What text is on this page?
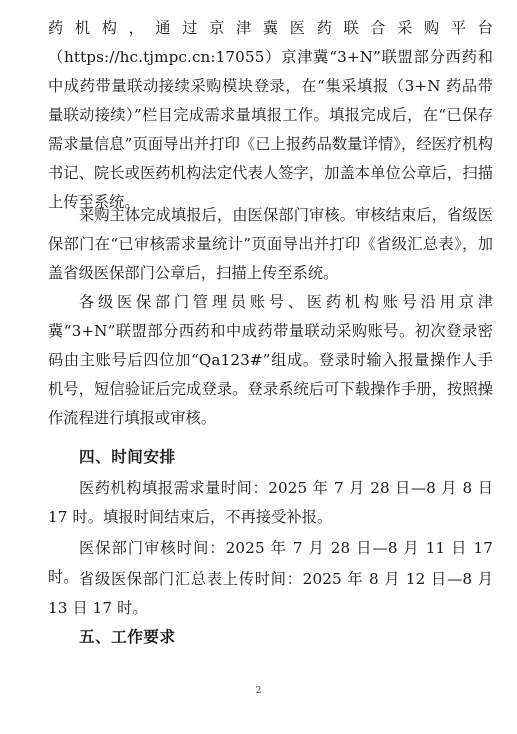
药机构，通过京津冀医药联合采购平台（https://hc.tjmpc.cn:17055）京津冀“3+N”联盟部分西药和中成药带量联动接续采购模块登录，在“集采填报（3+N 药品带量联动接续）”栏目完成需求量填报工作。填报完成后，在“已保存需求量信息”页面导出并打印《已上报药品数量详情》，经医疗机构书记、院长或医药机构法定代表人签字，加盖本单位公章后，扫描上传至系统。

采购主体完成填报后，由医保部门审核。审核结束后，省级医保部门在“已审核需求量统计”页面导出并打印《省级汇总表》，加盖省级医保部门公章后，扫描上传至系统。

各级医保部门管理员账号、医药机构账号沿用京津冀“3+N”联盟部分西药和中成药带量联动采购账号。初次登录密码由主账号后四位加“Qa123#”组成。登录时输入报量操作人手机号，短信验证后完成登录。登录系统后可下载操作手册，按照操作流程进行填报或审核。

四、时间安排

医药机构填报需求量时间：2025 年 7 月 28 日—8 月 8 日 17 时。填报时间结束后，不再接受补报。

医保部门审核时间：2025 年 7 月 28 日—8 月 11 日 17 时。 省级医保部门汇总表上传时间：2025 年 8 月 12 日—8 月 13 日 17 时。

五、工作要求
2
